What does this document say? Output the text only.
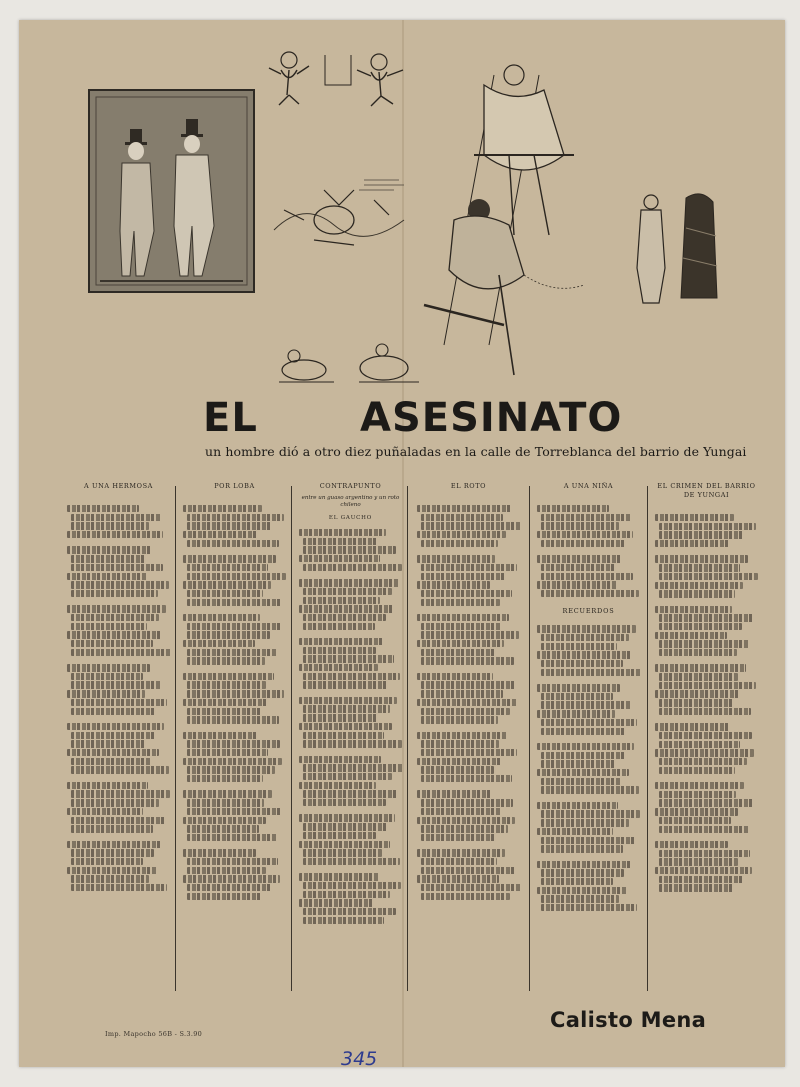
EL	ASESINATO
un hombre dió a otro diez puñaladas en la calle de Torreblanca del barrio de Yungai
A UNA HERMOSA	POR LOBA	CONTRAPUNTO
entre un guaso argentino y un roto chileno
EL GAUCHO
EL ROTO	A UNA NIÑA
RECUERDOS
EL CRIMEN DEL BARRIO DE YUNGAI
Imp. Mapocho 56B - S.3.90
Calisto Mena
345
